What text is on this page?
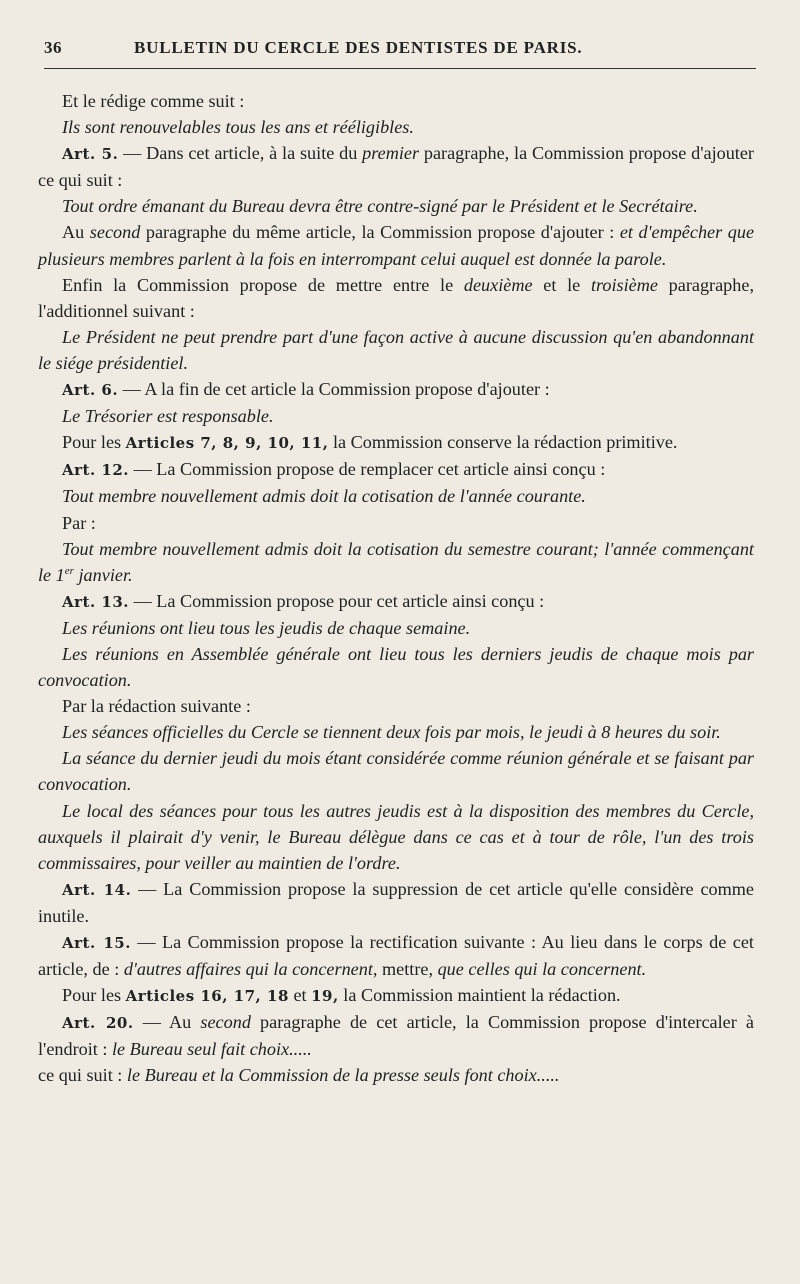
36	BULLETIN DU CERCLE DES DENTISTES DE PARIS.

Et le rédige comme suit :

Ils sont renouvelables tous les ans et rééligibles.

Art. 5. — Dans cet article, à la suite du premier paragraphe, la Commission propose d'ajouter ce qui suit :

Tout ordre émanant du Bureau devra être contre-signé par le Président et le Secrétaire.

Au second paragraphe du même article, la Commission propose d'ajouter : et d'empêcher que plusieurs membres parlent à la fois en interrompant celui auquel est donnée la parole.

Enfin la Commission propose de mettre entre le deuxième et le troisième paragraphe, l'additionnel suivant :

Le Président ne peut prendre part d'une façon active à aucune discussion qu'en abandonnant le siége présidentiel.

Art. 6. — A la fin de cet article la Commission propose d'ajouter :

Le Trésorier est responsable.

Pour les Articles 7, 8, 9, 10, 11, la Commission conserve la rédaction primitive.

Art. 12. — La Commission propose de remplacer cet article ainsi conçu :

Tout membre nouvellement admis doit la cotisation de l'année courante.

Par :

Tout membre nouvellement admis doit la cotisation du semestre courant; l'année commençant le 1er janvier.

Art. 13. — La Commission propose pour cet article ainsi conçu :

Les réunions ont lieu tous les jeudis de chaque semaine.

Les réunions en Assemblée générale ont lieu tous les derniers jeudis de chaque mois par convocation.

Par la rédaction suivante :

Les séances officielles du Cercle se tiennent deux fois par mois, le jeudi à 8 heures du soir.

La séance du dernier jeudi du mois étant considérée comme réunion générale et se faisant par convocation.

Le local des séances pour tous les autres jeudis est à la disposition des membres du Cercle, auxquels il plairait d'y venir, le Bureau délègue dans ce cas et à tour de rôle, l'un des trois commissaires, pour veiller au maintien de l'ordre.

Art. 14. — La Commission propose la suppression de cet article qu'elle considère comme inutile.

Art. 15. — La Commission propose la rectification suivante : Au lieu dans le corps de cet article, de : d'autres affaires qui la concernent, mettre, que celles qui la concernent.

Pour les Articles 16, 17, 18 et 19, la Commission maintient la rédaction.

Art. 20. — Au second paragraphe de cet article, la Commission propose d'intercaler à l'endroit : le Bureau seul fait choix.....

ce qui suit : le Bureau et la Commission de la presse seuls font choix.....
